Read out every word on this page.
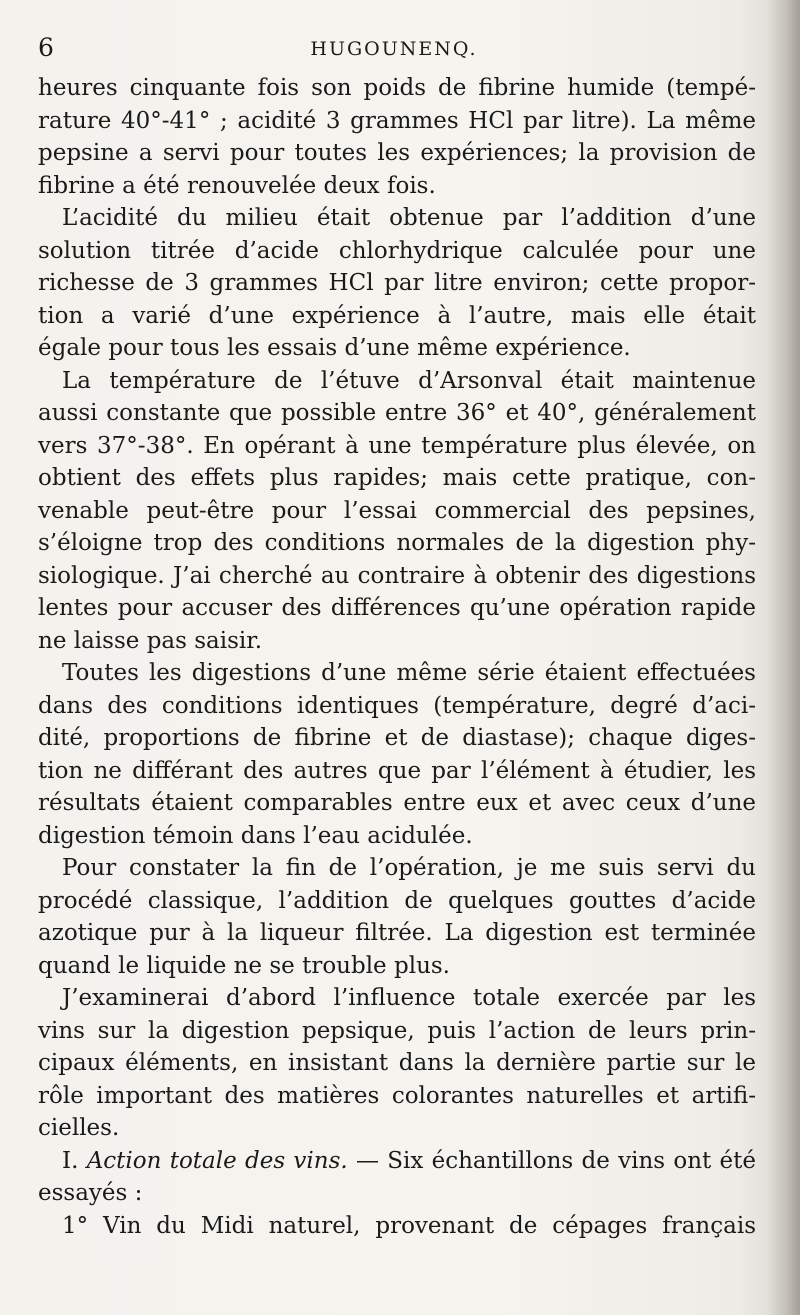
6	HUGOUNENQ.
heures cinquante fois son poids de fibrine humide (tempé-
rature 40°-41° ; acidité 3 grammes HCl par litre). La même
pepsine a servi pour toutes les expériences; la provision de
fibrine a été renouvelée deux fois.
L’acidité du milieu était obtenue par l’addition d’une
solution titrée d’acide chlorhydrique calculée pour une
richesse de 3 grammes HCl par litre environ; cette propor-
tion a varié d’une expérience à l’autre, mais elle était
égale pour tous les essais d’une même expérience.
La température de l’étuve d’Arsonval était maintenue
aussi constante que possible entre 36° et 40°, généralement
vers 37°-38°. En opérant à une température plus élevée, on
obtient des effets plus rapides; mais cette pratique, con-
venable peut-être pour l’essai commercial des pepsines,
s’éloigne trop des conditions normales de la digestion phy-
siologique. J’ai cherché au contraire à obtenir des digestions
lentes pour accuser des différences qu’une opération rapide
ne laisse pas saisir.
Toutes les digestions d’une même série étaient effectuées
dans des conditions identiques (température, degré d’aci-
dité, proportions de fibrine et de diastase); chaque diges-
tion ne différant des autres que par l’élément à étudier, les
résultats étaient comparables entre eux et avec ceux d’une
digestion témoin dans l’eau acidulée.
Pour constater la fin de l’opération, je me suis servi du
procédé classique, l’addition de quelques gouttes d’acide
azotique pur à la liqueur filtrée. La digestion est terminée
quand le liquide ne se trouble plus.
J’examinerai d’abord l’influence totale exercée par les
vins sur la digestion pepsique, puis l’action de leurs prin-
cipaux éléments, en insistant dans la dernière partie sur le
rôle important des matières colorantes naturelles et artifi-
cielles.
I. Action totale des vins. — Six échantillons de vins ont été
essayés :
1° Vin du Midi naturel, provenant de cépages français
